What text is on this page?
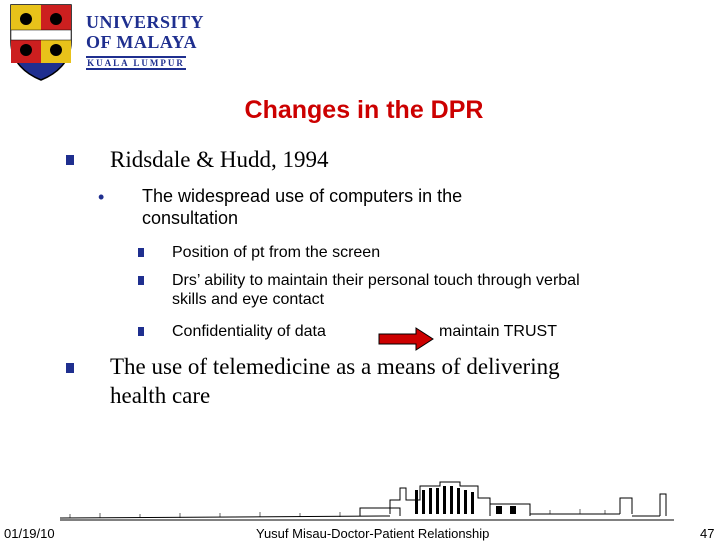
UNIVERSITY
OF MALAYA
KUALA LUMPUR
Changes in the DPR
Ridsdale & Hudd, 1994
• The widespread use of computers in the
consultation
Position of pt from the screen
Drs’ ability to maintain their personal touch through verbal
skills and eye contact
Confidentiality of data	maintain TRUST
The use of telemedicine as a means of delivering
health care
01/19/10	Yusuf Misau-Doctor-Patient Relationship	47
